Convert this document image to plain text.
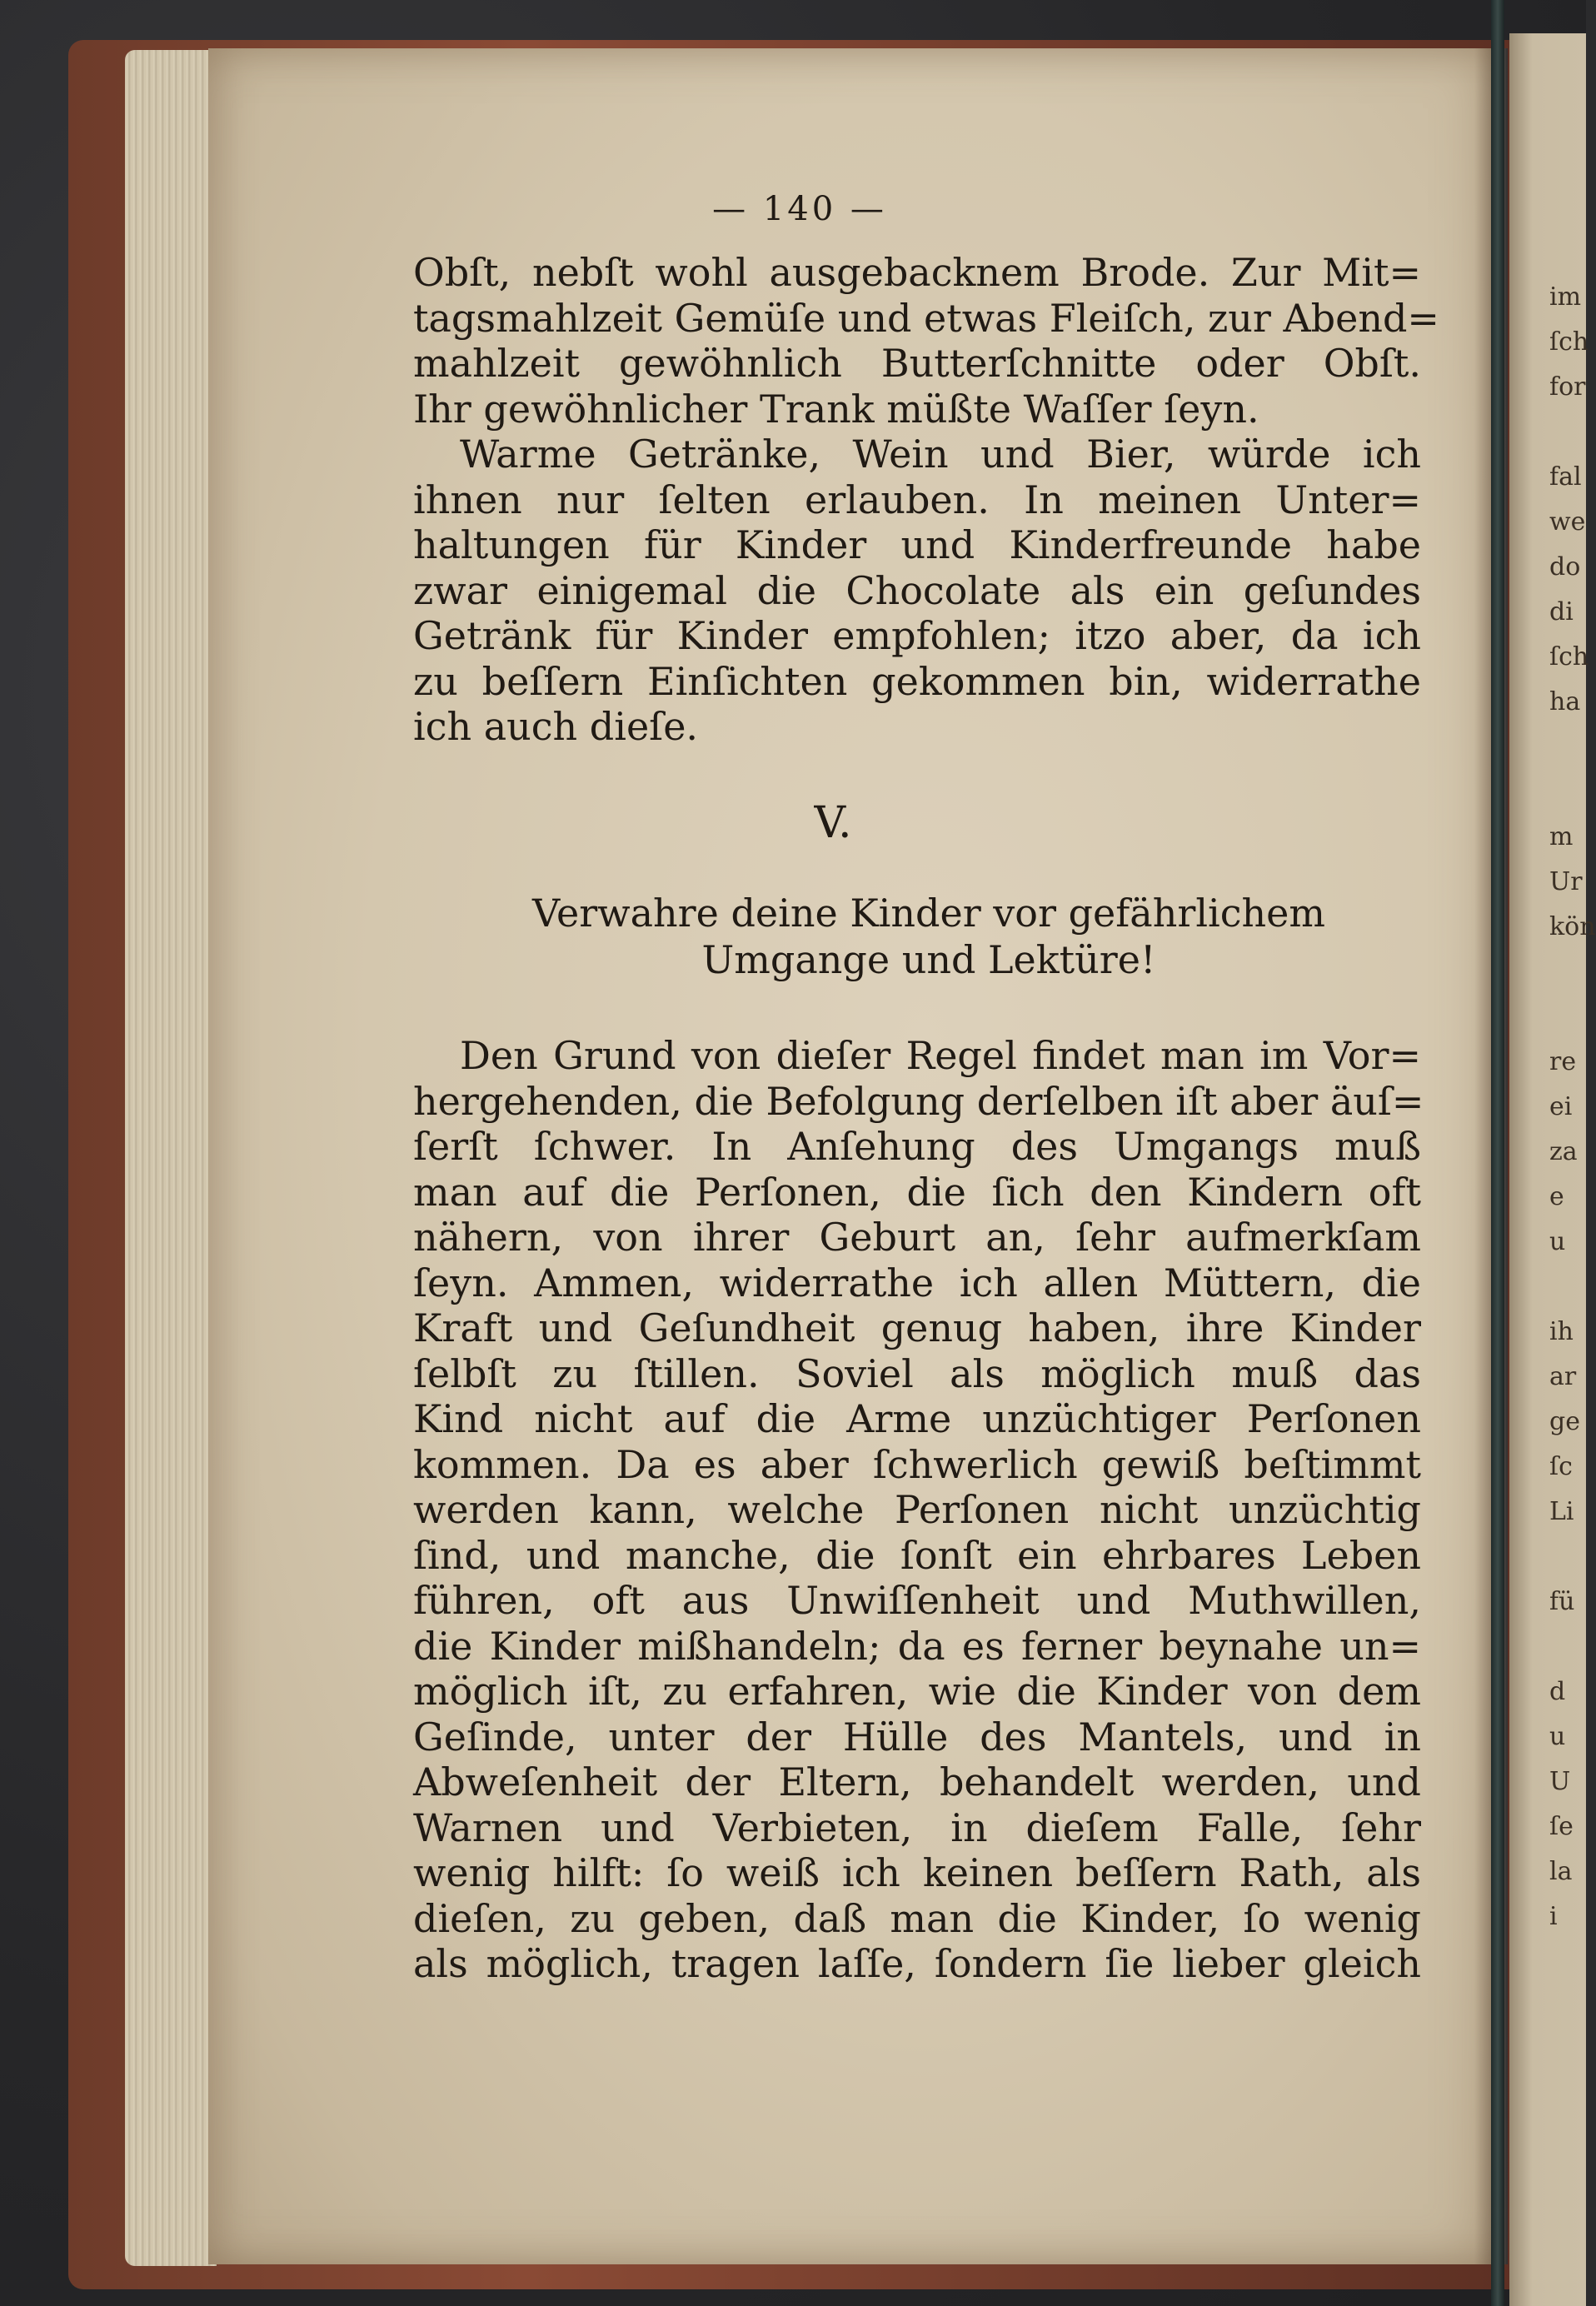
— 140 —
Obſt, nebſt wohl ausgebacknem Brode. Zur Mit=
tagsmahlzeit Gemüſe und etwas Fleiſch, zur Abend=
mahlzeit gewöhnlich Butterſchnitte oder Obſt.
Ihr gewöhnlicher Trank müßte Waſſer ſeyn.
Warme Getränke, Wein und Bier, würde ich
ihnen nur ſelten erlauben. In meinen Unter=
haltungen für Kinder und Kinderfreunde habe
zwar einigemal die Chocolate als ein geſundes
Getränk für Kinder empfohlen; itzo aber, da ich
zu beſſern Einſichten gekommen bin, widerrathe
ich auch dieſe.
V.
Verwahre deine Kinder vor gefährlichem
Umgange und Lektüre!
Den Grund von dieſer Regel findet man im Vor=
hergehenden, die Befolgung derſelben iſt aber äuſ=
ſerſt ſchwer. In Anſehung des Umgangs muß
man auf die Perſonen, die ſich den Kindern oft
nähern, von ihrer Geburt an, ſehr aufmerkſam
ſeyn. Ammen, widerrathe ich allen Müttern, die
Kraft und Geſundheit genug haben, ihre Kinder
ſelbſt zu ſtillen. Soviel als möglich muß das
Kind nicht auf die Arme unzüchtiger Perſonen
kommen. Da es aber ſchwerlich gewiß beſtimmt
werden kann, welche Perſonen nicht unzüchtig
ſind, und manche, die ſonſt ein ehrbares Leben
führen, oft aus Unwiſſenheit und Muthwillen,
die Kinder mißhandeln; da es ferner beynahe un=
möglich iſt, zu erfahren, wie die Kinder von dem
Geſinde, unter der Hülle des Mantels, und in
Abweſenheit der Eltern, behandelt werden, und
Warnen und Verbieten, in dieſem Falle, ſehr
wenig hilft: ſo weiß ich keinen beſſern Rath, als
dieſen, zu geben, daß man die Kinder, ſo wenig
als möglich, tragen laſſe, ſondern ſie lieber gleich
im
ſch
for

fal
we
do
di
ſch
ha

m
Ur
kön

re
ei
za
e
u

ih
ar
ge
ſc
Li

fü

d
u
U
ſe
la
i
